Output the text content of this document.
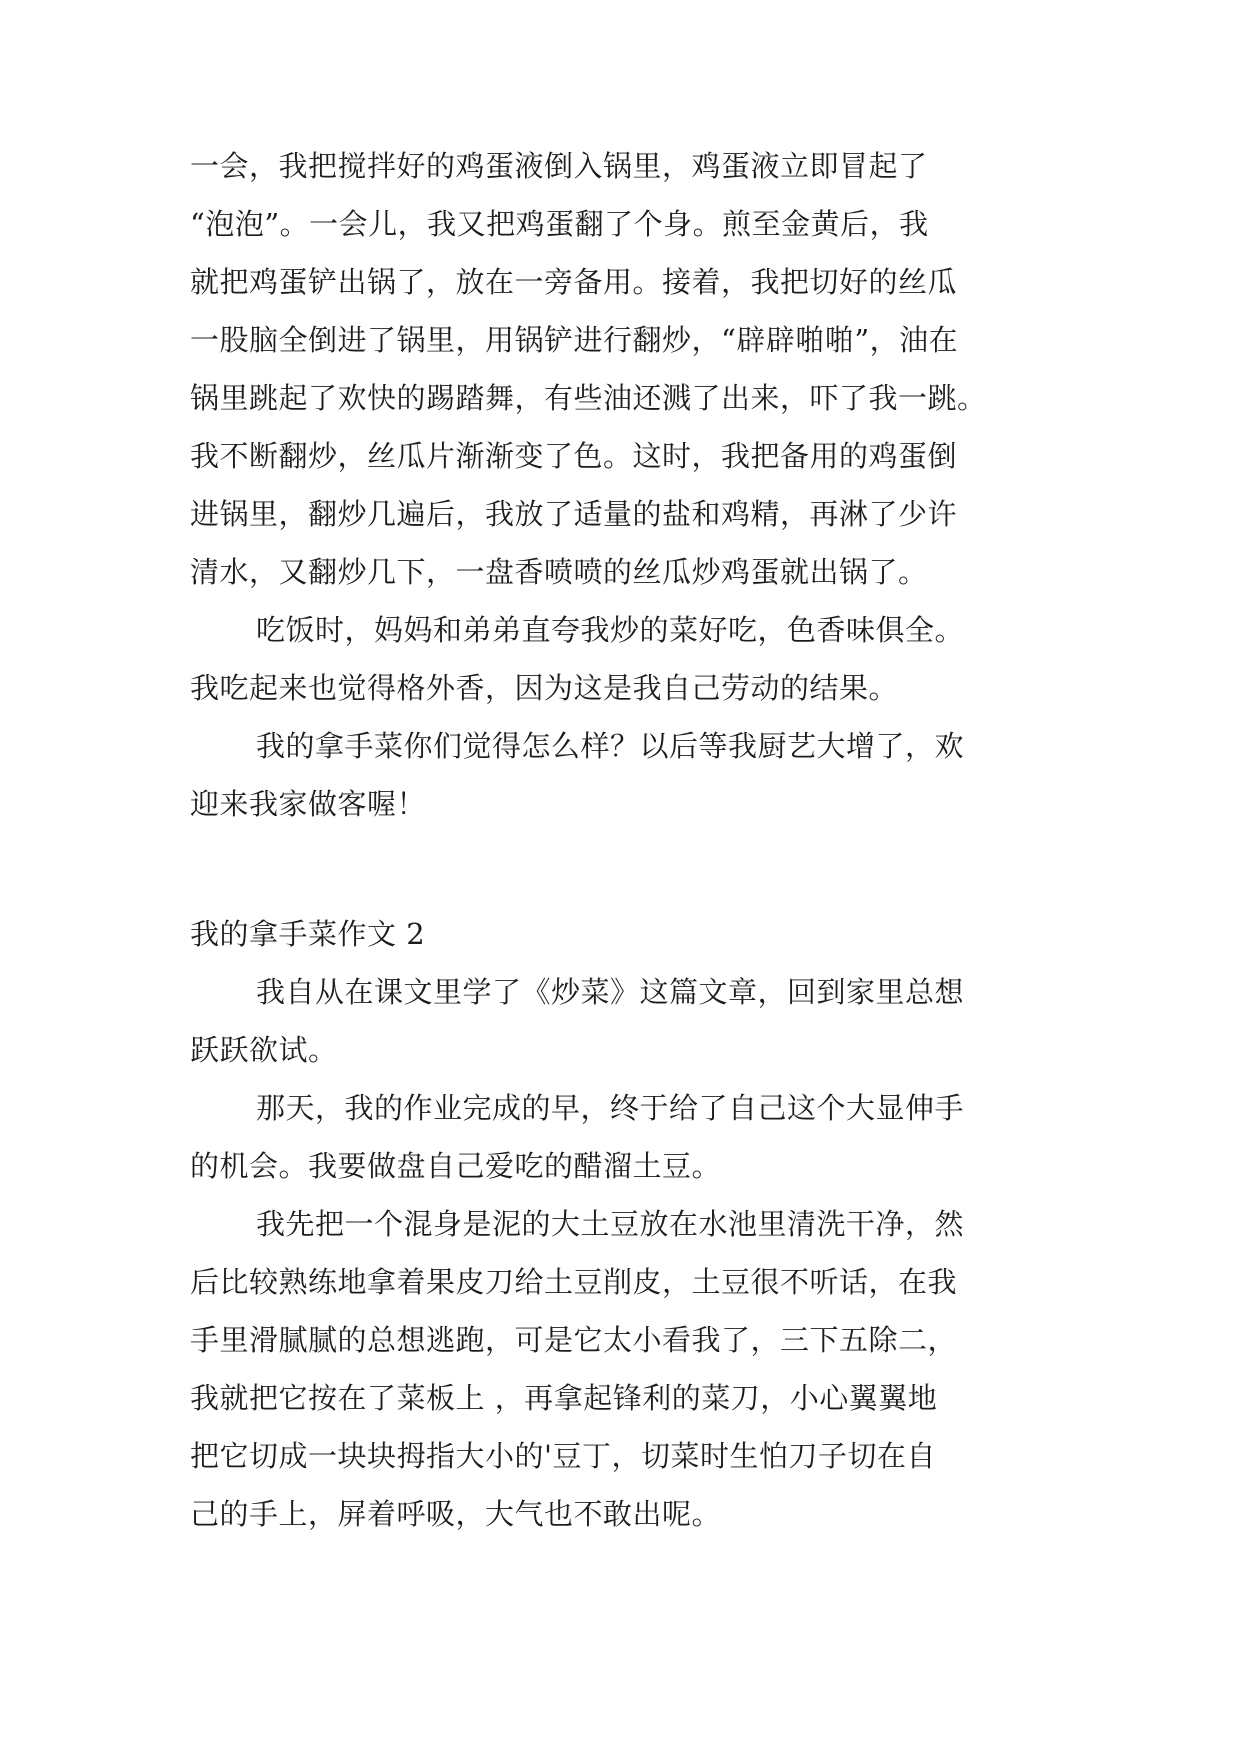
一会，我把搅拌好的鸡蛋液倒入锅里，鸡蛋液立即冒起了
“泡泡”。一会儿，我又把鸡蛋翻了个身。煎至金黄后，我
就把鸡蛋铲出锅了，放在一旁备用。接着，我把切好的丝瓜
一股脑全倒进了锅里，用锅铲进行翻炒，“辟辟啪啪”，油在
锅里跳起了欢快的踢踏舞，有些油还溅了出来，吓了我一跳。
我不断翻炒，丝瓜片渐渐变了色。这时，我把备用的鸡蛋倒
进锅里，翻炒几遍后，我放了适量的盐和鸡精，再淋了少许
清水，又翻炒几下，一盘香喷喷的丝瓜炒鸡蛋就出锅了。
吃饭时，妈妈和弟弟直夸我炒的菜好吃，色香味俱全。
我吃起来也觉得格外香，因为这是我自己劳动的结果。
我的拿手菜你们觉得怎么样？以后等我厨艺大增了，欢
迎来我家做客喔！
我的拿手菜作文 2
我自从在课文里学了《炒菜》这篇文章，回到家里总想
跃跃欲试。
那天，我的作业完成的早，终于给了自己这个大显伸手
的机会。我要做盘自己爱吃的醋溜土豆。
我先把一个混身是泥的大土豆放在水池里清洗干净，然
后比较熟练地拿着果皮刀给土豆削皮，土豆很不听话，在我
手里滑腻腻的总想逃跑，可是它太小看我了，三下五除二，
我就把它按在了菜板上 ，再拿起锋利的菜刀，小心翼翼地
把它切成一块块拇指大小的'豆丁，切菜时生怕刀子切在自
己的手上，屏着呼吸，大气也不敢出呢。
